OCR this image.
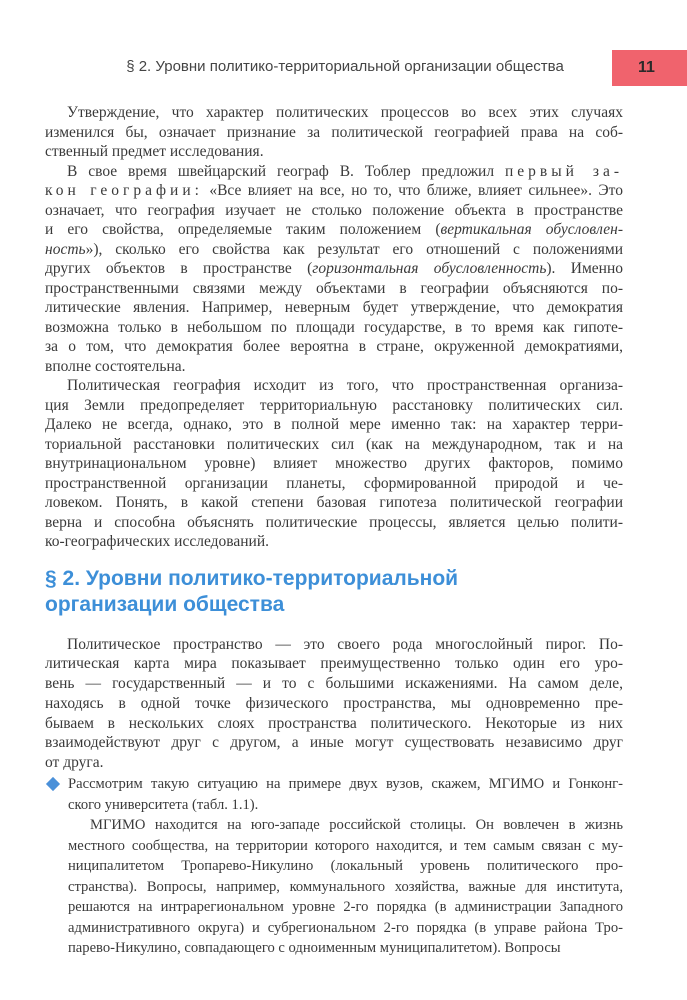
§ 2. Уровни политико-территориальной организации общества	11
Утверждение, что характер политических процессов во всех этих случаях
изменился бы, означает признание за политической географией права на соб-
ственный предмет исследования.
В свое время швейцарский географ В. Тоблер предложил первый за-
кон географии: «Все влияет на все, но то, что ближе, влияет сильнее». Это
означает, что география изучает не столько положение объекта в пространстве
и его свойства, определяемые таким положением (вертикальная обусловлен-
ность»), сколько его свойства как результат его отношений с положениями
других объектов в пространстве (горизонтальная обусловленность). Именно
пространственными связями между объектами в географии объясняются по-
литические явления. Например, неверным будет утверждение, что демократия
возможна только в небольшом по площади государстве, в то время как гипоте-
за о том, что демократия более вероятна в стране, окруженной демократиями,
вполне состоятельна.
Политическая география исходит из того, что пространственная организа-
ция Земли предопределяет территориальную расстановку политических сил.
Далеко не всегда, однако, это в полной мере именно так: на характер терри-
ториальной расстановки политических сил (как на международном, так и на
внутринациональном уровне) влияет множество других факторов, помимо
пространственной организации планеты, сформированной природой и че-
ловеком. Понять, в какой степени базовая гипотеза политической географии
верна и способна объяснять политические процессы, является целью полити-
ко-географических исследований.
§ 2. Уровни политико-территориальной
организации общества
Политическое пространство — это своего рода многослойный пирог. По-
литическая карта мира показывает преимущественно только один его уро-
вень — государственный — и то с большими искажениями. На самом деле,
находясь в одной точке физического пространства, мы одновременно пре-
бываем в нескольких слоях пространства политического. Некоторые из них
взаимодействуют друг с другом, а иные могут существовать независимо друг
от друга.
Рассмотрим такую ситуацию на примере двух вузов, скажем, МГИМО и Гонконг-
ского университета (табл. 1.1).
МГИМО находится на юго-западе российской столицы. Он вовлечен в жизнь
местного сообщества, на территории которого находится, и тем самым связан с му-
ниципалитетом Тропарево-Никулино (локальный уровень политического про-
странства). Вопросы, например, коммунального хозяйства, важные для института,
решаются на интрарегиональном уровне 2-го порядка (в администрации Западного
административного округа) и субрегиональном 2-го порядка (в управе района Тро-
парево-Никулино, совпадающего с одноименным муниципалитетом). Вопросы
